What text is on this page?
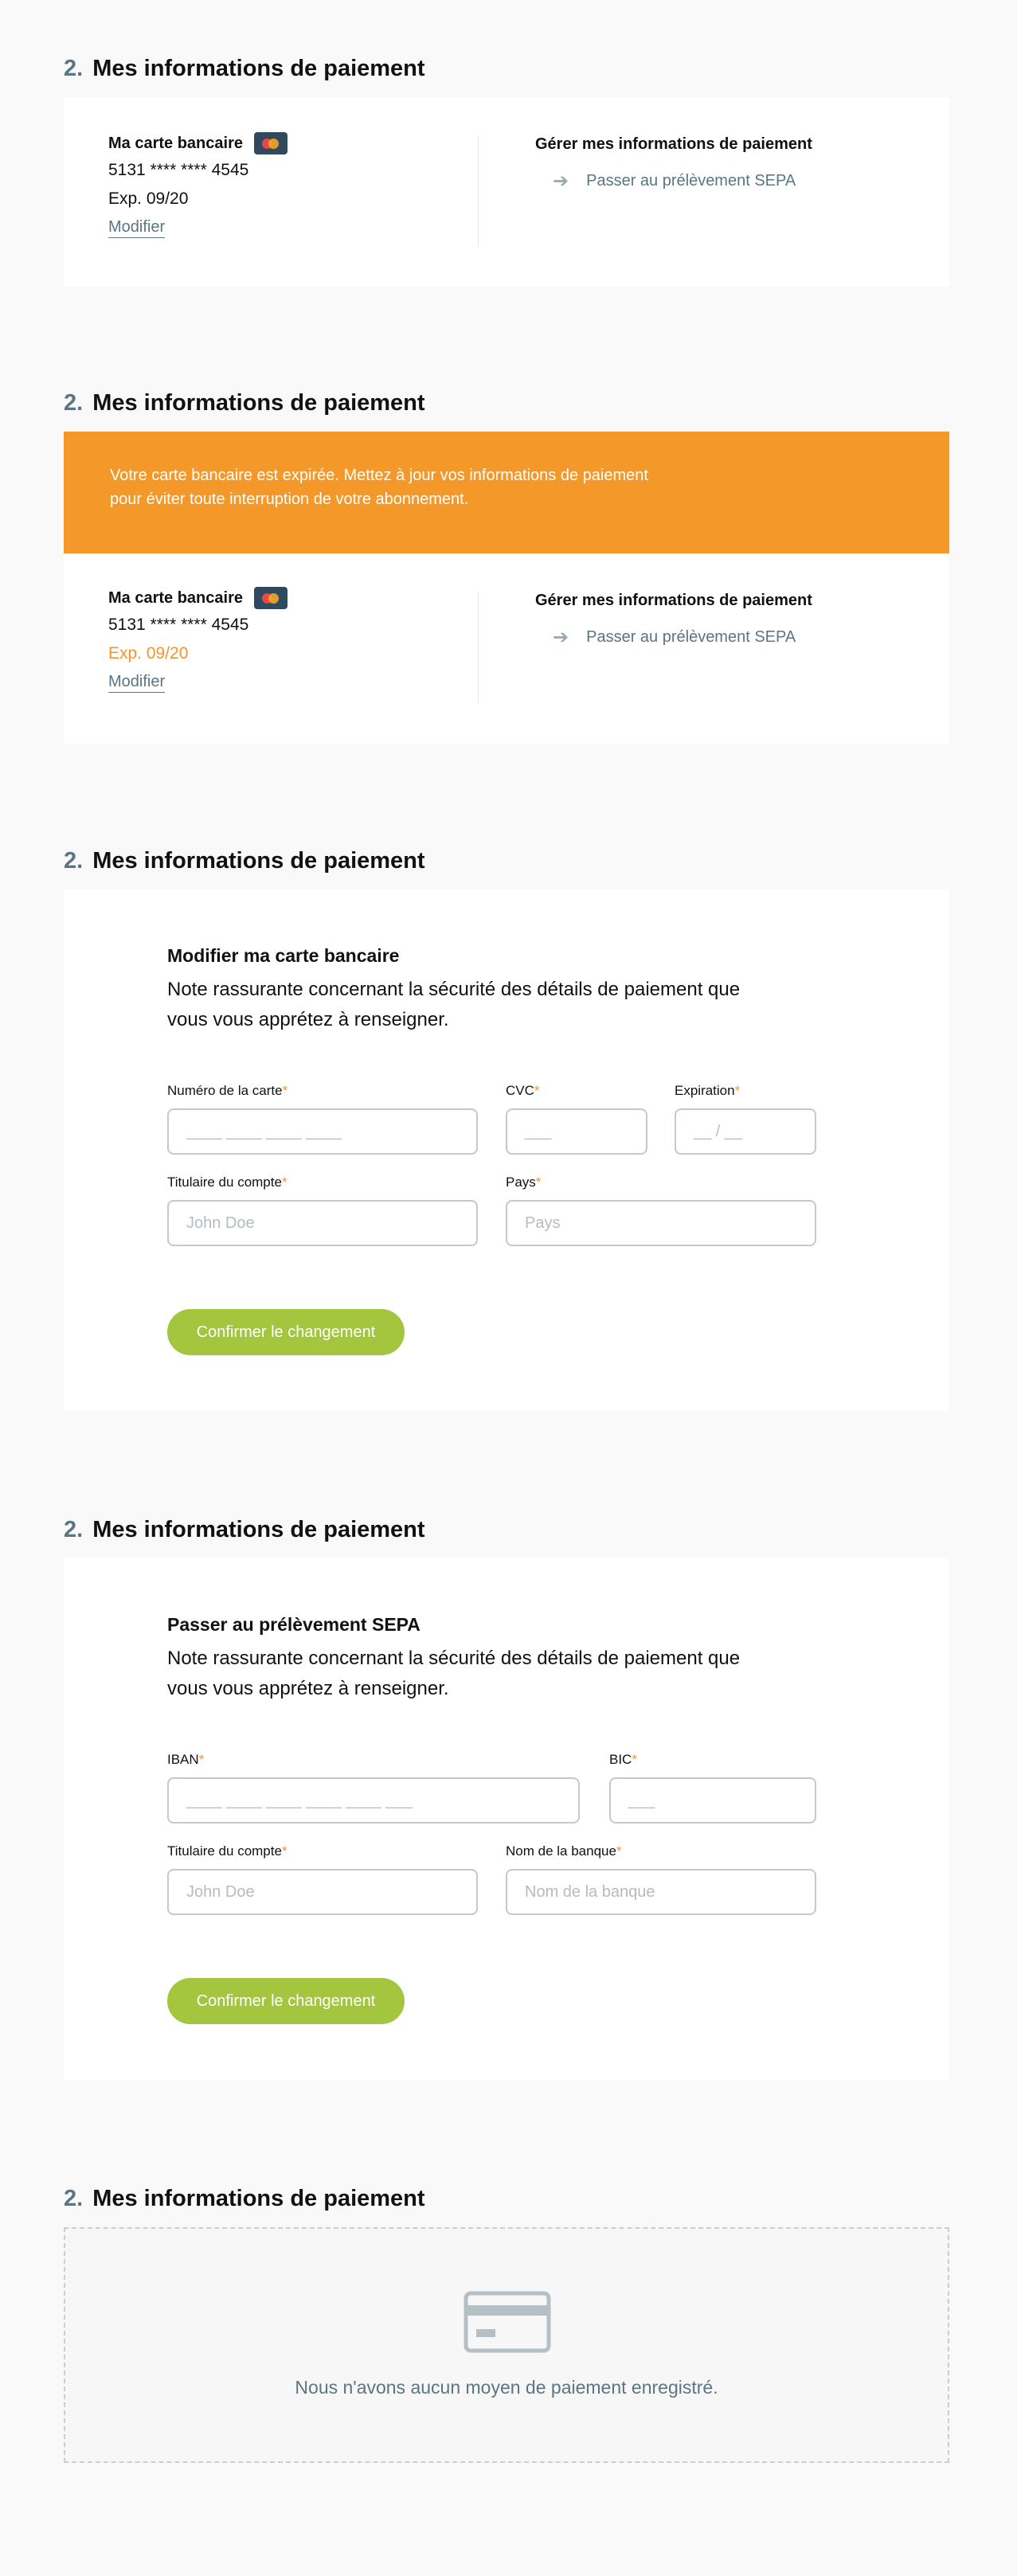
2. Mes informations de paiement
Ma carte bancaire
5131 **** **** 4545
Exp. 09/20
Modifier
Gérer mes informations de paiement
➔ Passer au prélèvement SEPA
2. Mes informations de paiement
Votre carte bancaire est expirée. Mettez à jour vos informations de paiement
pour éviter toute interruption de votre abonnement.
Ma carte bancaire
5131 **** **** 4545
Exp. 09/20
Modifier
Gérer mes informations de paiement
➔ Passer au prélèvement SEPA
2. Mes informations de paiement
Modifier ma carte bancaire
Note rassurante concernant la sécurité des détails de paiement que vous vous apprétez à renseigner.
Numéro de la carte*
____ ____ ____ ____
CVC*
___
Expiration*
__ / __
Titulaire du compte*
John Doe
Pays*
Pays
Confirmer le changement
2. Mes informations de paiement
Passer au prélèvement SEPA
Note rassurante concernant la sécurité des détails de paiement que vous vous apprétez à renseigner.
IBAN*
____ ____ ____ ____ ____ ___
BIC*
___
Titulaire du compte*
John Doe
Nom de la banque*
Nom de la banque
Confirmer le changement
2. Mes informations de paiement
Nous n'avons aucun moyen de paiement enregistré.
